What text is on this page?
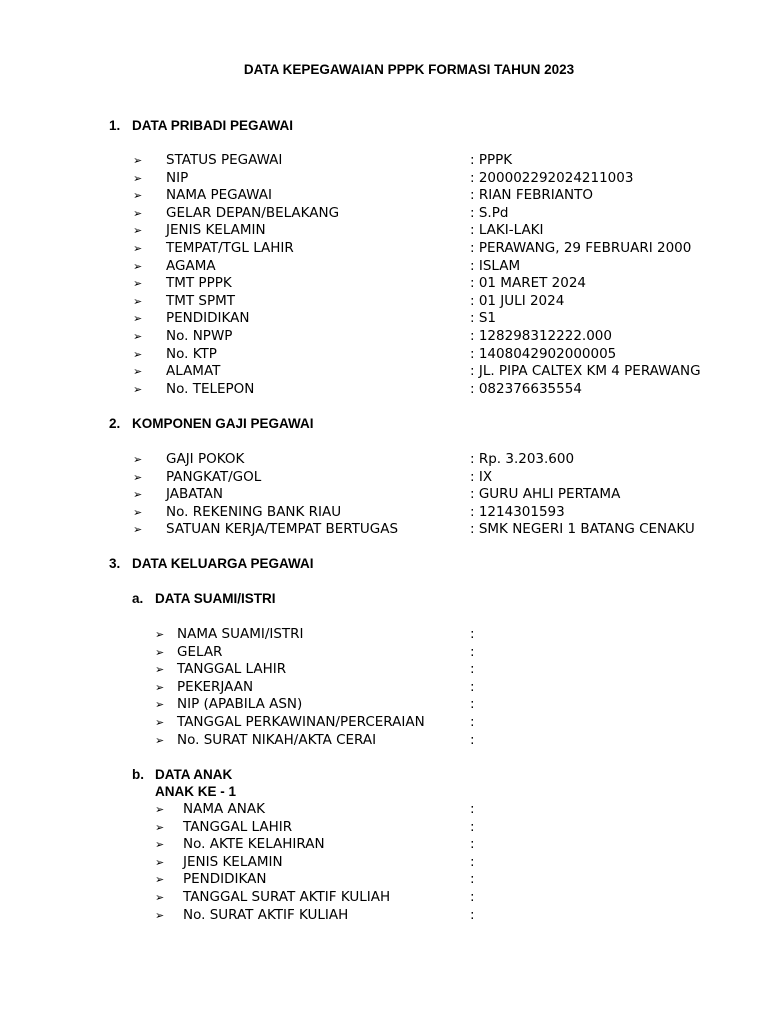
DATA KEPEGAWAIAN PPPK FORMASI TAHUN 2023
1. DATA PRIBADI PEGAWAI
➢ STATUS PEGAWAI	: PPPK
➢ NIP	: 200002292024211003
➢ NAMA PEGAWAI	: RIAN FEBRIANTO
➢ GELAR DEPAN/BELAKANG	: S.Pd
➢ JENIS KELAMIN	: LAKI-LAKI
➢ TEMPAT/TGL LAHIR	: PERAWANG, 29 FEBRUARI 2000
➢ AGAMA	: ISLAM
➢ TMT PPPK	: 01 MARET 2024
➢ TMT SPMT	: 01 JULI 2024
➢ PENDIDIKAN	: S1
➢ No. NPWP	: 128298312222.000
➢ No. KTP	: 1408042902000005
➢ ALAMAT	: JL. PIPA CALTEX KM 4 PERAWANG
➢ No. TELEPON	: 082376635554
2. KOMPONEN GAJI PEGAWAI
➢ GAJI POKOK	: Rp. 3.203.600
➢ PANGKAT/GOL	: IX
➢ JABATAN	: GURU AHLI PERTAMA
➢ No. REKENING BANK RIAU	: 1214301593
➢ SATUAN KERJA/TEMPAT BERTUGAS	: SMK NEGERI 1 BATANG CENAKU
3. DATA KELUARGA PEGAWAI
a. DATA SUAMI/ISTRI
➢ NAMA SUAMI/ISTRI	:
➢ GELAR	:
➢ TANGGAL LAHIR	:
➢ PEKERJAAN	:
➢ NIP (APABILA ASN)	:
➢ TANGGAL PERKAWINAN/PERCERAIAN	:
➢ No. SURAT NIKAH/AKTA CERAI	:
b. DATA ANAK
ANAK KE - 1
➢ NAMA ANAK	:
➢ TANGGAL LAHIR	:
➢ No. AKTE KELAHIRAN	:
➢ JENIS KELAMIN	:
➢ PENDIDIKAN	:
➢ TANGGAL SURAT AKTIF KULIAH	:
➢ No. SURAT AKTIF KULIAH	:
